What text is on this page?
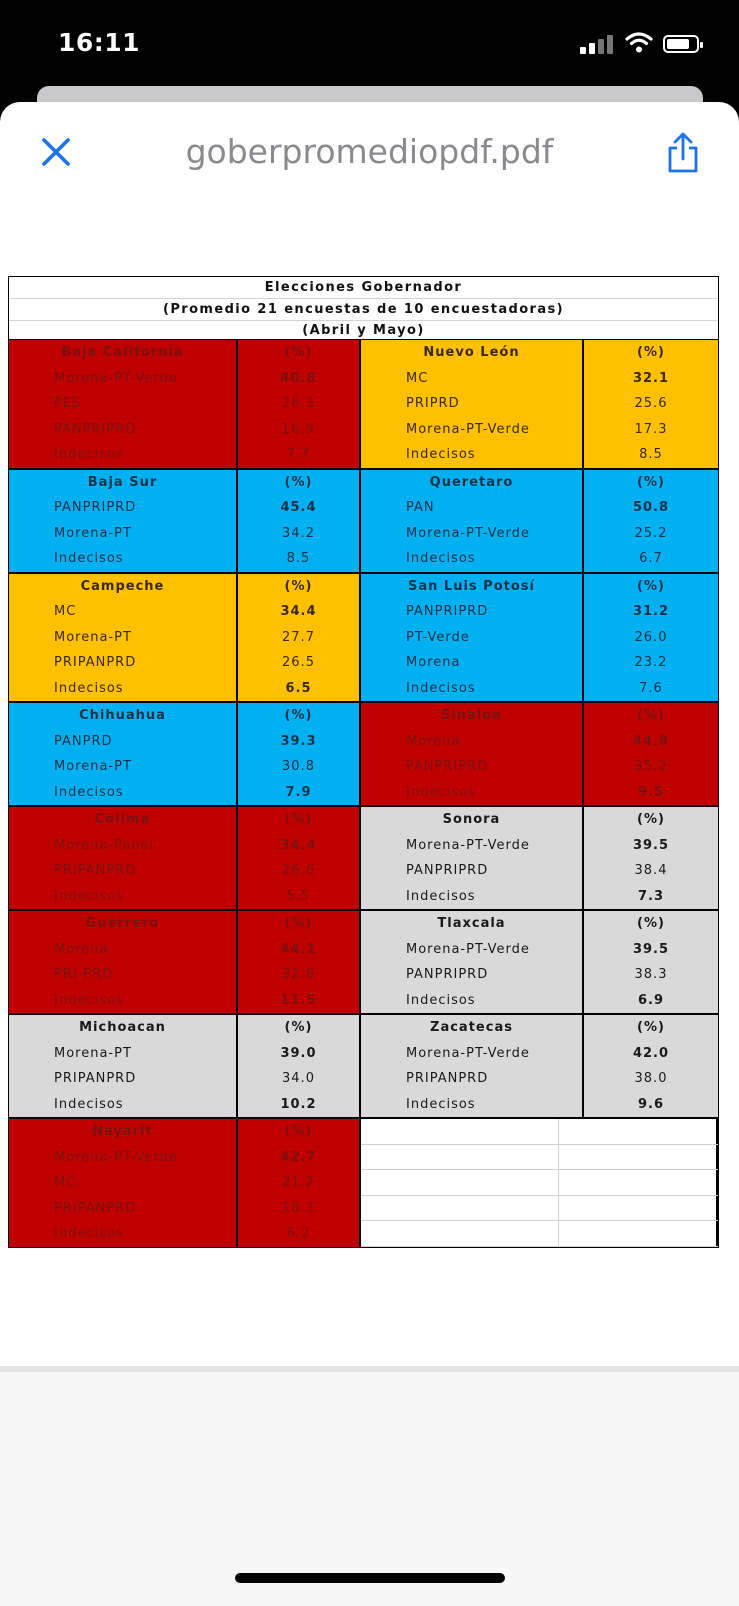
16:11
goberpromediopdf.pdf
Elecciones Gobernador
(Promedio 21 encuestas de 10 encuestadoras)
(Abril y Mayo)
Baja California	(%)
Morena-PT-Verde	40.8
PES	26.3
PANPRIPRD	16.9
Indecisos	7.7
Baja Sur	(%)
PANPRIPRD	45.4
Morena-PT	34.2
Indecisos	8.5
Campeche	(%)
MC	34.4
Morena-PT	27.7
PRIPANPRD	26.5
Indecisos	6.5
Chihuahua	(%)
PANPRD	39.3
Morena-PT	30.8
Indecisos	7.9
Colima	(%)
Morena-Panal	34.4
PRIPANPRD	26.6
Indecisos	5.5
Guerrero	(%)
Morena	44.1
PRI-PRD	32.8
Indecisos	11.5
Michoacan	(%)
Morena-PT	39.0
PRIPANPRD	34.0
Indecisos	10.2
Nayarit	(%)
Morena-PT-Verde	42.7
MC	21.2
PRIPANPRD	18.3
Indecisos	6.2
Nuevo León	(%)
MC	32.1
PRIPRD	25.6
Morena-PT-Verde	17.3
Indecisos	8.5
Queretaro	(%)
PAN	50.8
Morena-PT-Verde	25.2
Indecisos	6.7
San Luis Potosí	(%)
PANPRIPRD	31.2
PT-Verde	26.0
Morena	23.2
Indecisos	7.6
Sinaloa	(%)
Morena	44.8
PANPRIPRD	35.2
Indecisos	9.5
Sonora	(%)
Morena-PT-Verde	39.5
PANPRIPRD	38.4
Indecisos	7.3
Tlaxcala	(%)
Morena-PT-Verde	39.5
PANPRIPRD	38.3
Indecisos	6.9
Zacatecas	(%)
Morena-PT-Verde	42.0
PRIPANPRD	38.0
Indecisos	9.6
